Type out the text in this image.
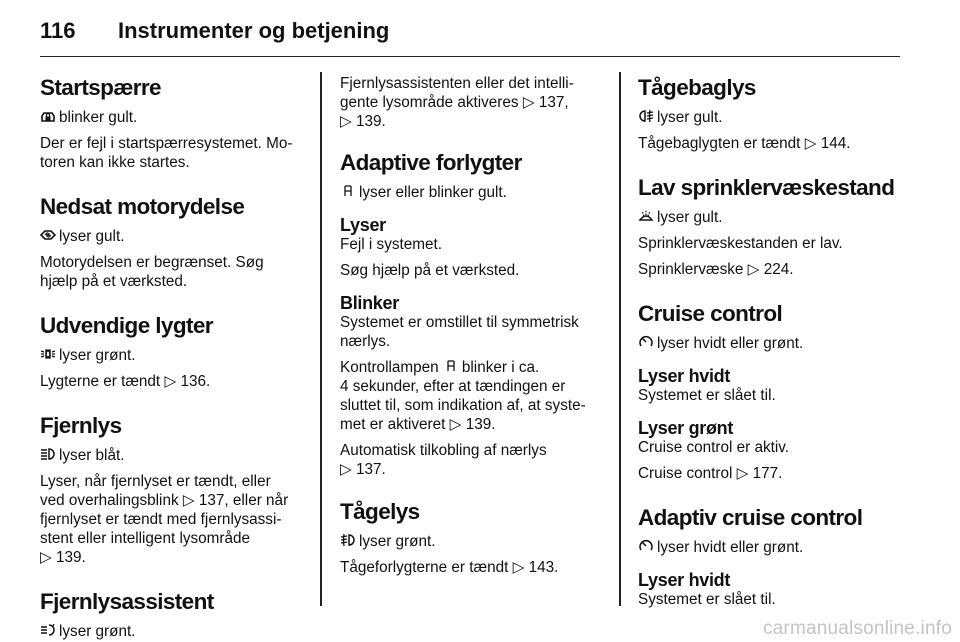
116 Instrumenter og betjening
Startspærre
blinker gult.
Der er fejl i startspærresystemet. Mo-
toren kan ikke startes.
Nedsat motorydelse
lyser gult.
Motorydelsen er begrænset. Søg
hjælp på et værksted.
Udvendige lygter
lyser grønt.
Lygterne er tændt ▷ 136.
Fjernlys
lyser blåt.
Lyser, når fjernlyset er tændt, eller
ved overhalingsblink ▷ 137, eller når
fjernlyset er tændt med fjernlysassi-
stent eller intelligent lysområde
▷ 139.
Fjernlysassistent
lyser grønt.
Fjernlysassistenten eller det intelli-
gente lysområde aktiveres ▷ 137,
▷ 139.
Adaptive forlygter
lyser eller blinker gult.
Lyser
Fejl i systemet.
Søg hjælp på et værksted.
Blinker
Systemet er omstillet til symmetrisk
nærlys.
Kontrollampen
blinker i ca.
4 sekunder, efter at tændingen er
sluttet til, som indikation af, at syste-
met er aktiveret ▷ 139.
Automatisk tilkobling af nærlys
▷ 137.
Tågelys
lyser grønt.
Tågeforlygterne er tændt ▷ 143.
Tågebaglys
lyser gult.
Tågebaglygten er tændt ▷ 144.
Lav sprinklervæskestand
lyser gult.
Sprinklervæskestanden er lav.
Sprinklervæske ▷ 224.
Cruise control
lyser hvidt eller grønt.
Lyser hvidt
Systemet er slået til.
Lyser grønt
Cruise control er aktiv.
Cruise control ▷ 177.
Adaptiv cruise control
lyser hvidt eller grønt.
Lyser hvidt
Systemet er slået til.
carmanualsonline.info
